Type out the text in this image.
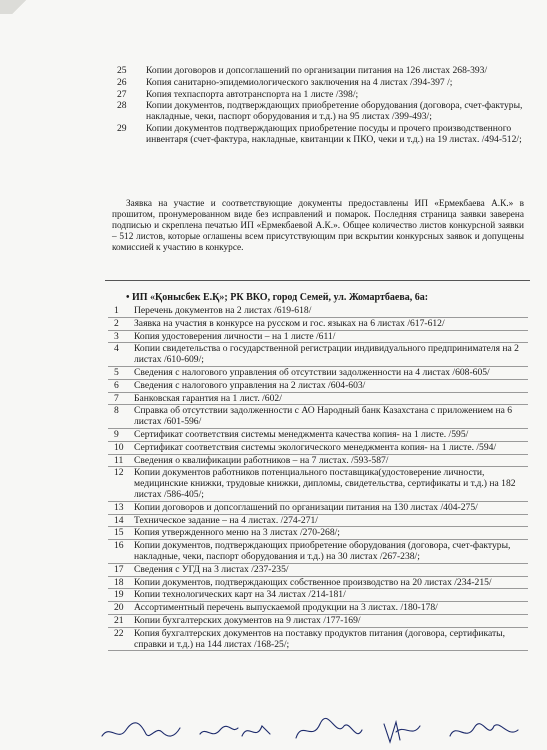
25	Копии договоров и допсоглашений по организации питания на 126 листах 268-393/
26	Копия санитарно-эпидемиологического заключения на 4 листах /394-397 /;
27	Копия техпаспорта автотранспорта на 1 листе /398/;
28	Копии документов, подтверждающих приобретение оборудования (договора, счет-фактуры, накладные, чеки, паспорт оборудования и т.д.) на 95 листах /399-493/;
29	Копии документов подтверждающих приобретение посуды и прочего производственного инвентаря (счет-фактура, накладные, квитанции к ПКО, чеки и т.д.) на 19 листах. /494-512/;
Заявка на участие и соответствующие документы предоставлены ИП «Ермекбаева А.К.» в прошитом, пронумерованном виде без исправлений и помарок. Последняя страница заявки заверена подписью и скреплена печатью ИП «Ермекбаевой А.К.». Общее количество листов конкурсной заявки – 512 листов, которые оглашены всем присутствующим при вскрытии конкурсных заявок и допущены комиссией к участию в конкурсе.
• ИП «Қонысбек Е.Қ»; РК ВКО, город Семей, ул. Жомартбаева, 6а:
1	Перечень документов на 2 листах /619-618/
2	Заявка на участия в конкурсе на русском и гос. языках на 6 листах /617-612/
3	Копия удостоверения личности – на 1 листе /611/
4	Копии свидетельства о государственной регистрации индивидуального предпринимателя на 2 листах /610-609/;
5	Сведения с налогового управления об отсутствии задолженности на 4 листах /608-605/
6	Сведения с налогового управления на 2 листах /604-603/
7	Банковская гарантия на 1 лист. /602/
8	Справка об отсутствии задолженности с АО Народный банк Казахстана с приложением на 6 листах /601-596/
9	Сертификат соответствия системы менеджмента качества копия- на 1 листе. /595/
10	Сертификат соответствия системы экологического менеджмента копия- на 1 листе. /594/
11	Сведения о квалификации работников – на 7 листах. /593-587/
12	Копии документов работников потенциального поставщика(удостоверение личности, медицинские книжки, трудовые книжки, дипломы, свидетельства, сертификаты и т.д.) на 182 листах /586-405/;
13	Копии договоров и допсоглашений по организации питания на 130 листах /404-275/
14	Техническое задание – на 4 листах. /274-271/
15	Копия утвержденного меню на 3 листах /270-268/;
16	Копии документов, подтверждающих приобретение оборудования (договора, счет-фактуры, накладные, чеки, паспорт оборудования и т.д.) на 30 листах /267-238/;
17	Сведения с УГД на 3 листах /237-235/
18	Копии документов, подтверждающих собственное производство на 20 листах /234-215/
19	Копии технологических карт на 34 листах /214-181/
20	Ассортиментный перечень выпускаемой продукции на 3 листах. /180-178/
21	Копии бухгалтерских документов на 9 листах /177-169/
22	Копия бухгалтерских документов на поставку продуктов питания (договора, сертификаты, справки и т.д.) на 144 листах /168-25/;
